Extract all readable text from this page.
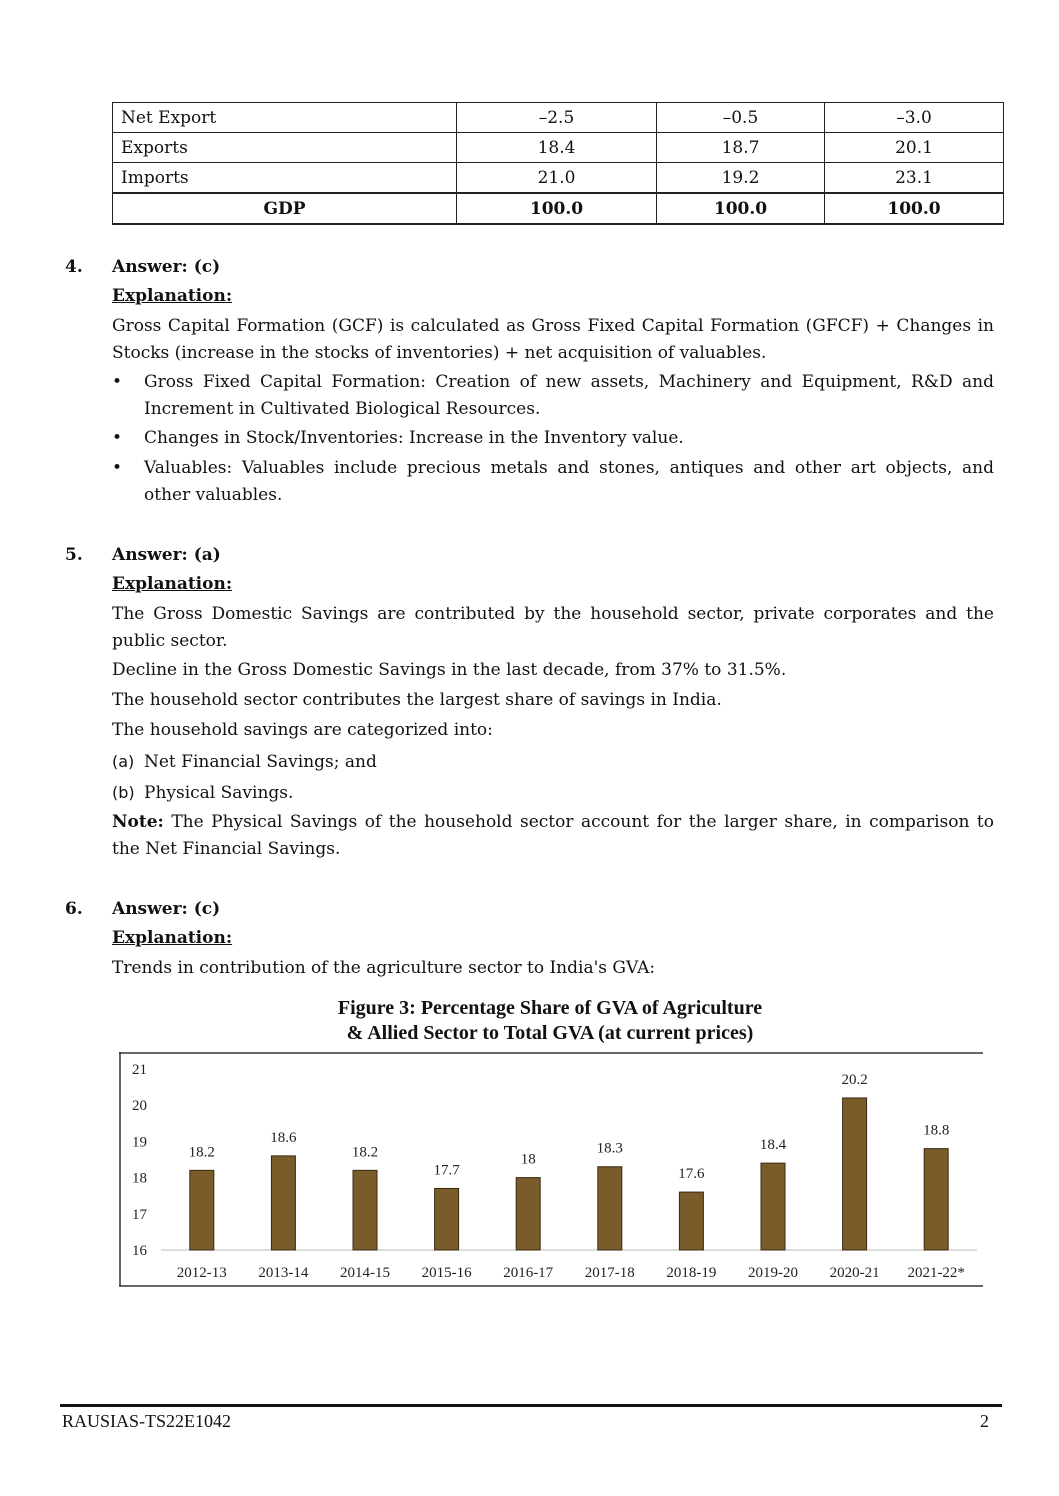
Net Export	–2.5	–0.5	–3.0
Exports	18.4	18.7	20.1
Imports	21.0	19.2	23.1
GDP	100.0	100.0	100.0
4. Answer: (c)
Explanation:
Gross Capital Formation (GCF) is calculated as Gross Fixed Capital Formation (GFCF) + Changes in Stocks (increase in the stocks of inventories) + net acquisition of valuables.
• Gross Fixed Capital Formation: Creation of new assets, Machinery and Equipment, R&D and Increment in Cultivated Biological Resources.
• Changes in Stock/Inventories: Increase in the Inventory value.
• Valuables: Valuables include precious metals and stones, antiques and other art objects, and other valuables.
5. Answer: (a)
Explanation:
The Gross Domestic Savings are contributed by the household sector, private corporates and the public sector.
Decline in the Gross Domestic Savings in the last decade, from 37% to 31.5%.
The household sector contributes the largest share of savings in India.
The household savings are categorized into:
(a) Net Financial Savings; and
(b) Physical Savings.
Note: The Physical Savings of the household sector account for the larger share, in comparison to the Net Financial Savings.
6. Answer: (c)
Explanation:
Trends in contribution of the agriculture sector to India's GVA:
Figure 3: Percentage Share of GVA of Agriculture
& Allied Sector to Total GVA (at current prices)
16
17
18
19
20
21
18.2
2012-13
18.6
2013-14
18.2
2014-15
17.7
2015-16
18
2016-17
18.3
2017-18
17.6
2018-19
18.4
2019-20
20.2
2020-21
18.8
2021-22*
RAUSIAS-TS22E1042	2
